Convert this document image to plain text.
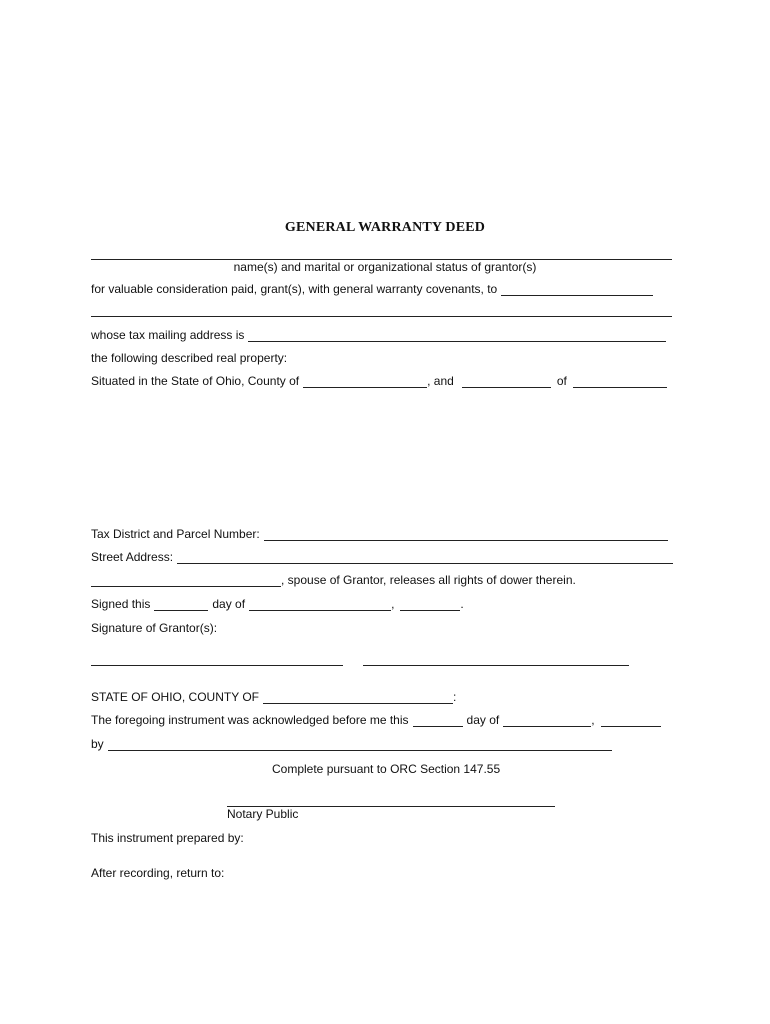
GENERAL WARRANTY DEED
name(s) and marital or organizational status of grantor(s)
for valuable consideration paid, grant(s), with general warranty covenants, to
whose tax mailing address is
the following described real property:
Situated in the State of Ohio, County of	, and	of
Tax District and Parcel Number:
Street Address:
, spouse of Grantor, releases all rights of dower therein.
Signed this	day of	,	.
Signature of Grantor(s):
STATE OF OHIO, COUNTY OF	:
The foregoing instrument was acknowledged before me this	day of	,
by
Complete pursuant to ORC Section 147.55
Notary Public
This instrument prepared by:
After recording, return to:
